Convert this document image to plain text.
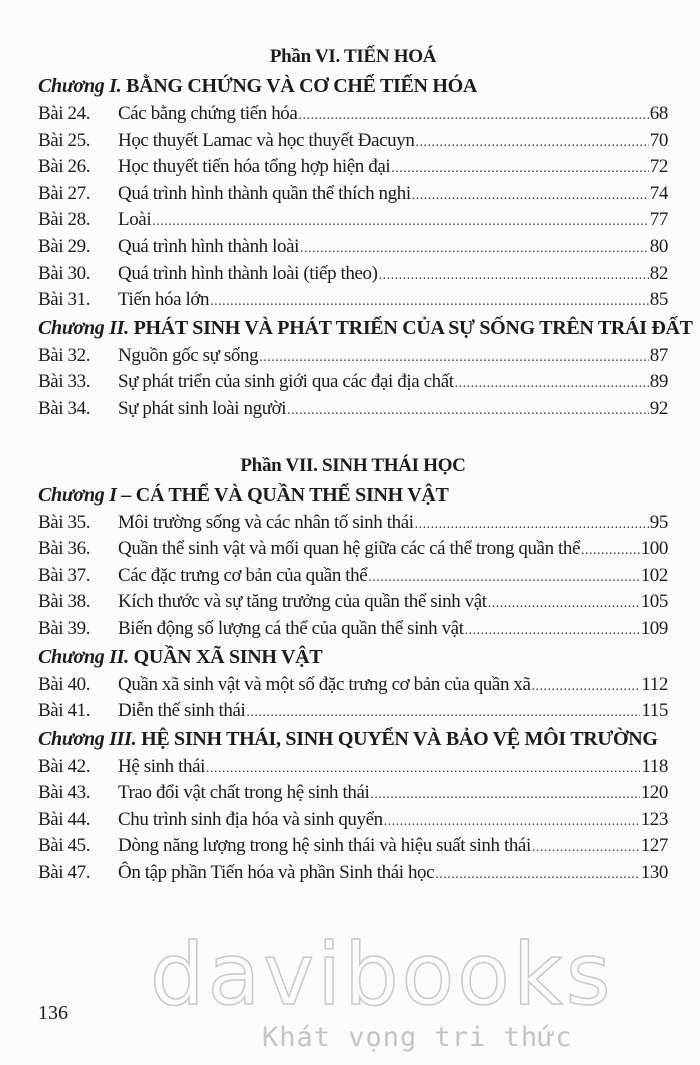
Phần VI. TIẾN HOÁ
Chương I. BẰNG CHỨNG VÀ CƠ CHẾ TIẾN HÓA
Bài 24.	Các bằng chứng tiến hóa .....	68
Bài 25.	Học thuyết Lamac và học thuyết Đacuyn .....	70
Bài 26.	Học thuyết tiến hóa tổng hợp hiện đại .....	72
Bài 27.	Quá trình hình thành quần thể thích nghi .....	74
Bài 28.	Loài .....	77
Bài 29.	Quá trình hình thành loài .....	80
Bài 30.	Quá trình hình thành loài (tiếp theo) .....	82
Bài 31.	Tiến hóa lớn .....	85
Chương II. PHÁT SINH VÀ PHÁT TRIỂN CỦA SỰ SỐNG TRÊN TRÁI ĐẤT
Bài 32.	Nguồn gốc sự sống .....	87
Bài 33.	Sự phát triển của sinh giới qua các đại địa chất .....	89
Bài 34.	Sự phát sinh loài người .....	92
Phần VII. SINH THÁI HỌC
Chương I – CÁ THỂ VÀ QUẦN THỂ SINH VẬT
Bài 35.	Môi trường sống và các nhân tố sinh thái .....	95
Bài 36.	Quần thể sinh vật và mối quan hệ giữa các cá thể trong quần thể .....	100
Bài 37.	Các đặc trưng cơ bản của quần thể .....	102
Bài 38.	Kích thước và sự tăng trưởng của quần thể sinh vật .....	105
Bài 39.	Biến động số lượng cá thể của quần thể sinh vật .....	109
Chương II. QUẦN XÃ SINH VẬT
Bài 40.	Quần xã sinh vật và một số đặc trưng cơ bản của quần xã .....	112
Bài 41.	Diễn thế sinh thái .....	115
Chương III. HỆ SINH THÁI, SINH QUYỂN VÀ BẢO VỆ MÔI TRƯỜNG
Bài 42.	Hệ sinh thái .....	118
Bài 43.	Trao đổi vật chất trong hệ sinh thái .....	120
Bài 44.	Chu trình sinh địa hóa và sinh quyển .....	123
Bài 45.	Dòng năng lượng trong hệ sinh thái và hiệu suất sinh thái .....	127
Bài 47.	Ôn tập phần Tiến hóa và phần Sinh thái học .....	130
136 davibooks
Khát vọng tri thức
